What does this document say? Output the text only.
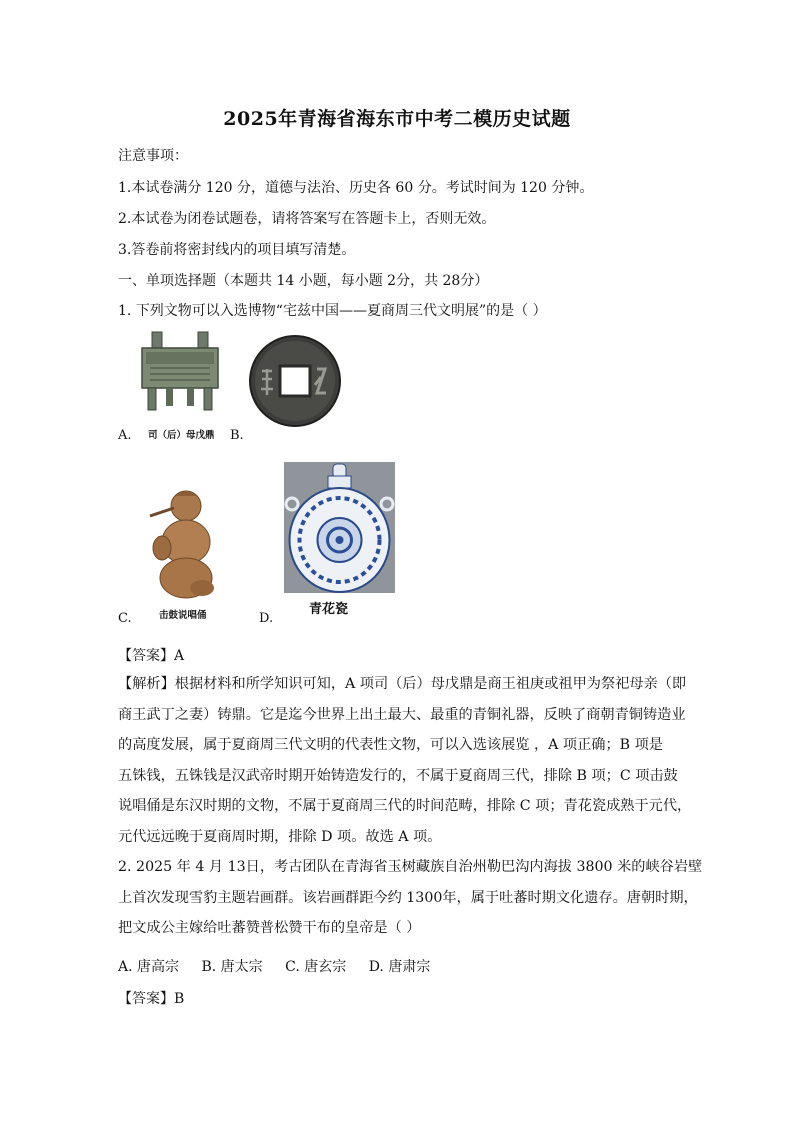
2025年青海省海东市中考二模历史试题
注意事项：
1.本试卷满分 120 分，道德与法治、历史各 60 分。考试时间为 120 分钟。
2.本试卷为闭卷试题卷，请将答案写在答题卡上，否则无效。
3.答卷前将密封线内的项目填写清楚。
一、单项选择题（本题共 14 小题，每小题 2分，共 28分）
1. 下列文物可以入选博物“宅兹中国——夏商周三代文明展”的是（ ）
A. 司（后）母戊鼎 B.
C.	击鼓说唱俑	D.
青花瓷
【答案】A

【解析】根据材料和所学知识可知，A 项司（后）母戊鼎是商王祖庚或祖甲为祭祀母亲（即

商王武丁之妻）铸鼎。它是迄今世界上出土最大、最重的青铜礼器，反映了商朝青铜铸造业

的高度发展，属于夏商周三代文明的代表性文物，可以入选该展览 ，A 项正确；B 项是

五铢钱，五铢钱是汉武帝时期开始铸造发行的，不属于夏商周三代，排除 B 项；C 项击鼓

说唱俑是东汉时期的文物，不属于夏商周三代的时间范畴，排除 C 项；青花瓷成熟于元代，

元代远远晚于夏商周时期，排除 D 项。故选 A 项。

2. 2025 年 4 月 13日，考古团队在青海省玉树藏族自治州勒巴沟内海拔 3800 米的峡谷岩壁

上首次发现雪豹主题岩画群。该岩画群距今约 1300年，属于吐蕃时期文化遗存。唐朝时期，

把文成公主嫁给吐蕃赞普松赞干布的皇帝是（ ）

A. 唐高宗 B. 唐太宗 C. 唐玄宗 D. 唐肃宗
【答案】B
